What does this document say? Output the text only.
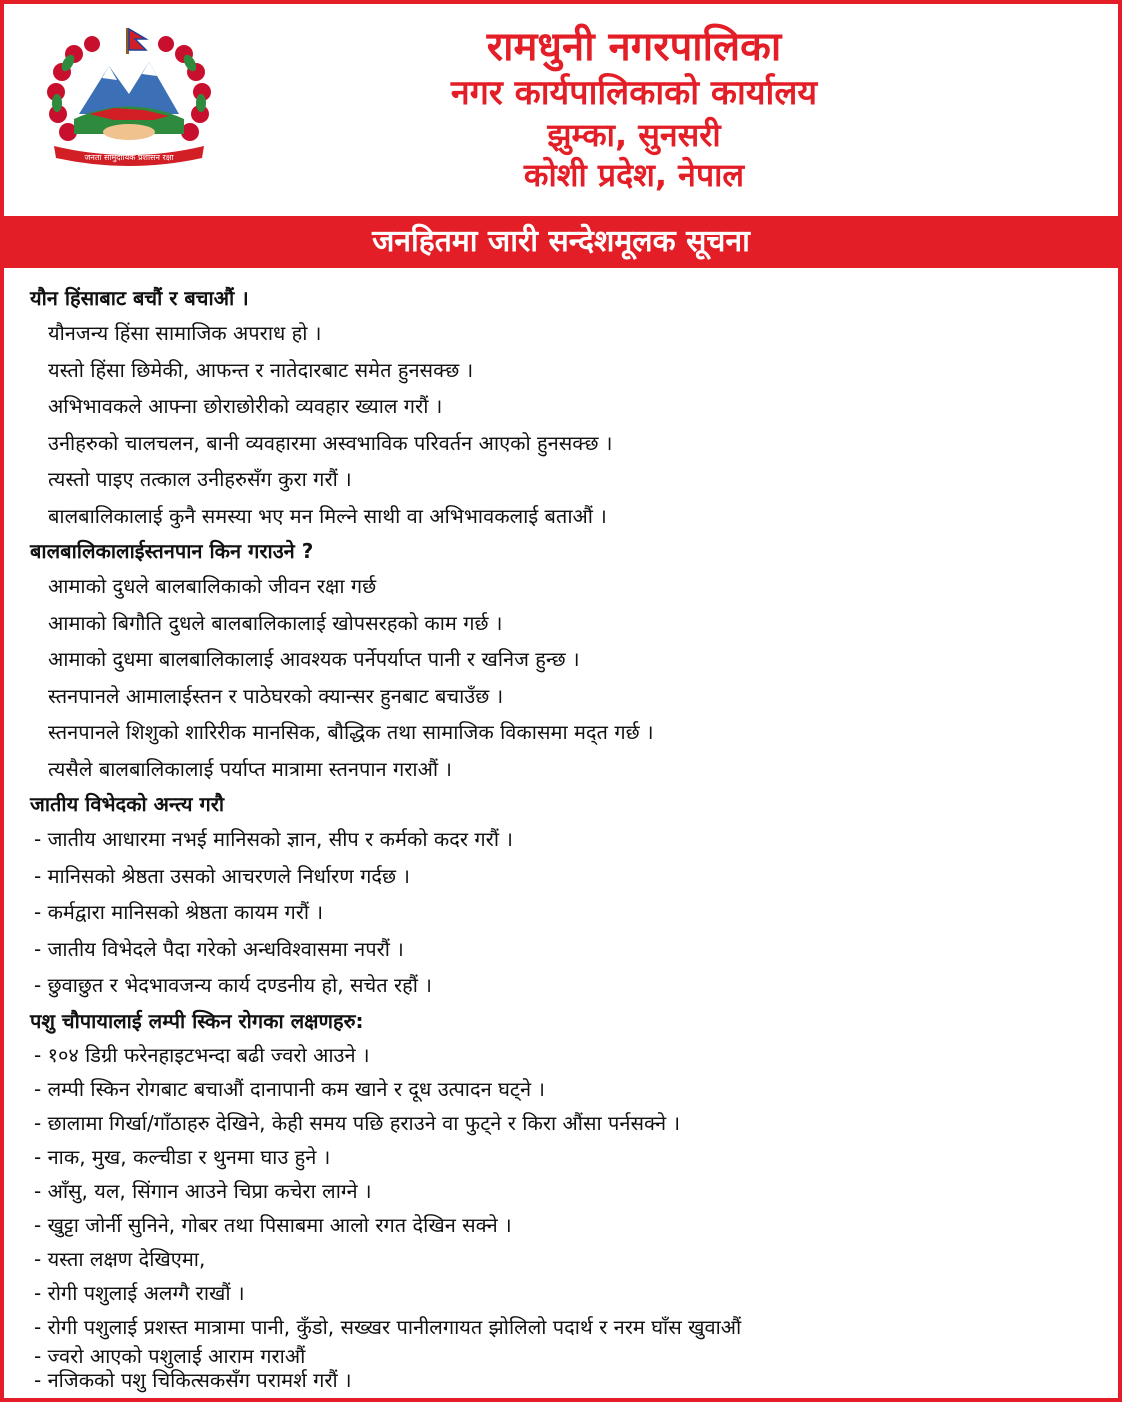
जनता सामुदायिक प्रशासन रक्षा
रामधुनी नगरपालिका
नगर कार्यपालिकाको कार्यालय
झुम्का, सुनसरी
कोशी प्रदेश, नेपाल
जनहितमा जारी सन्देशमूलक सूचना
यौन हिंसाबाट बचौं र बचाऔं ।
यौनजन्य हिंसा सामाजिक अपराध हो ।
यस्तो हिंसा छिमेकी, आफन्त र नातेदारबाट समेत हुनसक्छ ।
अभिभावकले आफ्ना छोराछोरीको व्यवहार ख्याल गरौं ।
उनीहरुको चालचलन, बानी व्यवहारमा अस्वभाविक परिवर्तन आएको हुनसक्छ ।
त्यस्तो पाइए तत्काल उनीहरुसँग कुरा गरौं ।
बालबालिकालाई कुनै समस्या भए मन मिल्ने साथी वा अभिभावकलाई बताऔं ।
बालबालिकालाईस्तनपान किन गराउने ?
आमाको दुधले बालबालिकाको जीवन रक्षा गर्छ
आमाको बिगौति दुधले बालबालिकालाई खोपसरहको काम गर्छ ।
आमाको दुधमा बालबालिकालाई आवश्यक पर्नेपर्याप्त पानी र खनिज हुन्छ ।
स्तनपानले आमालाईस्तन र पाठेघरको क्यान्सर हुनबाट बचाउँछ ।
स्तनपानले शिशुको शारिरीक मानसिक, बौद्धिक तथा सामाजिक विकासमा मद्त गर्छ ।
त्यसैले बालबालिकालाई पर्याप्त मात्रामा स्तनपान गराऔं ।
जातीय विभेदको अन्त्य गरौ
- जातीय आधारमा नभई मानिसको ज्ञान, सीप र कर्मको कदर गरौं ।
- मानिसको श्रेष्ठता उसको आचरणले निर्धारण गर्दछ ।
- कर्मद्वारा मानिसको श्रेष्ठता कायम गरौं ।
- जातीय विभेदले पैदा गरेको अन्धविश्वासमा नपरौं ।
- छुवाछुत र भेदभावजन्य कार्य दण्डनीय हो, सचेत रहौं ।
पशु चौपायालाई लम्पी स्किन रोगका लक्षणहरु:
- १०४ डिग्री फरेनहाइटभन्दा बढी ज्वरो आउने ।
- लम्पी स्किन रोगबाट बचाऔं दानापानी कम खाने र दूध उत्पादन घट्ने ।
- छालामा गिर्खा/गाँठाहरु देखिने, केही समय पछि हराउने वा फुट्ने र किरा औंसा पर्नसक्ने ।
- नाक, मुख, कल्चीडा र थुनमा घाउ हुने ।
- आँसु, यल, सिंगान आउने चिप्रा कचेरा लाग्ने ।
- खुट्टा जोर्नी सुनिने, गोबर तथा पिसाबमा आलो रगत देखिन सक्ने ।
- यस्ता लक्षण देखिएमा,
- रोगी पशुलाई अलग्गै राखौं ।
- रोगी पशुलाई प्रशस्त मात्रामा पानी, कुँडो, सख्खर पानीलगायत झोलिलो पदार्थ र नरम घाँस खुवाऔं
- ज्वरो आएको पशुलाई आराम गराऔं
- नजिकको पशु चिकित्सकसँग परामर्श गरौं ।
